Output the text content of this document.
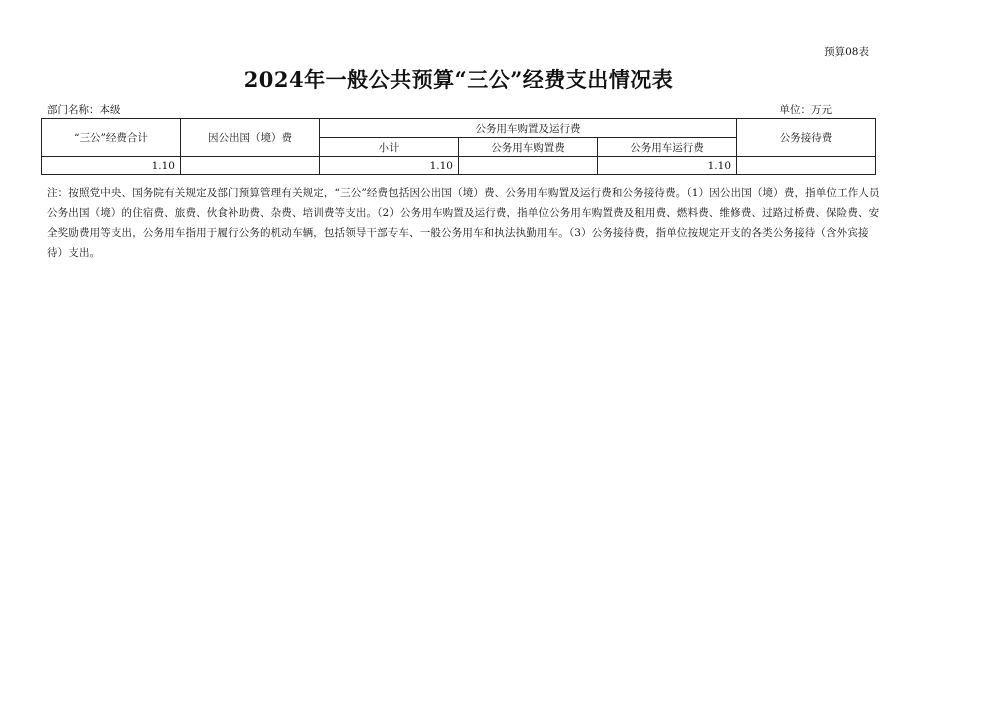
预算08表
2024年一般公共预算“三公”经费支出情况表
部门名称：本级	单位：万元
“三公”经费合计	因公出国（境）费	公务用车购置及运行费			公务接待费
		小计	公务用车购置费	公务用车运行费	
1.10		1.10		1.10	
注：按照党中央、国务院有关规定及部门预算管理有关规定，“三公”经费包括因公出国（境）费、公务用车购置及运行费和公务接待费。（1）因公出国（境）费，指单位工作人员公务出国（境）的住宿费、旅费、伙食补助费、杂费、培训费等支出。（2）公务用车购置及运行费，指单位公务用车购置费及租用费、燃料费、维修费、过路过桥费、保险费、安全奖励费用等支出，公务用车指用于履行公务的机动车辆，包括领导干部专车、一般公务用车和执法执勤用车。（3）公务接待费，指单位按规定开支的各类公务接待（含外宾接待）支出。
